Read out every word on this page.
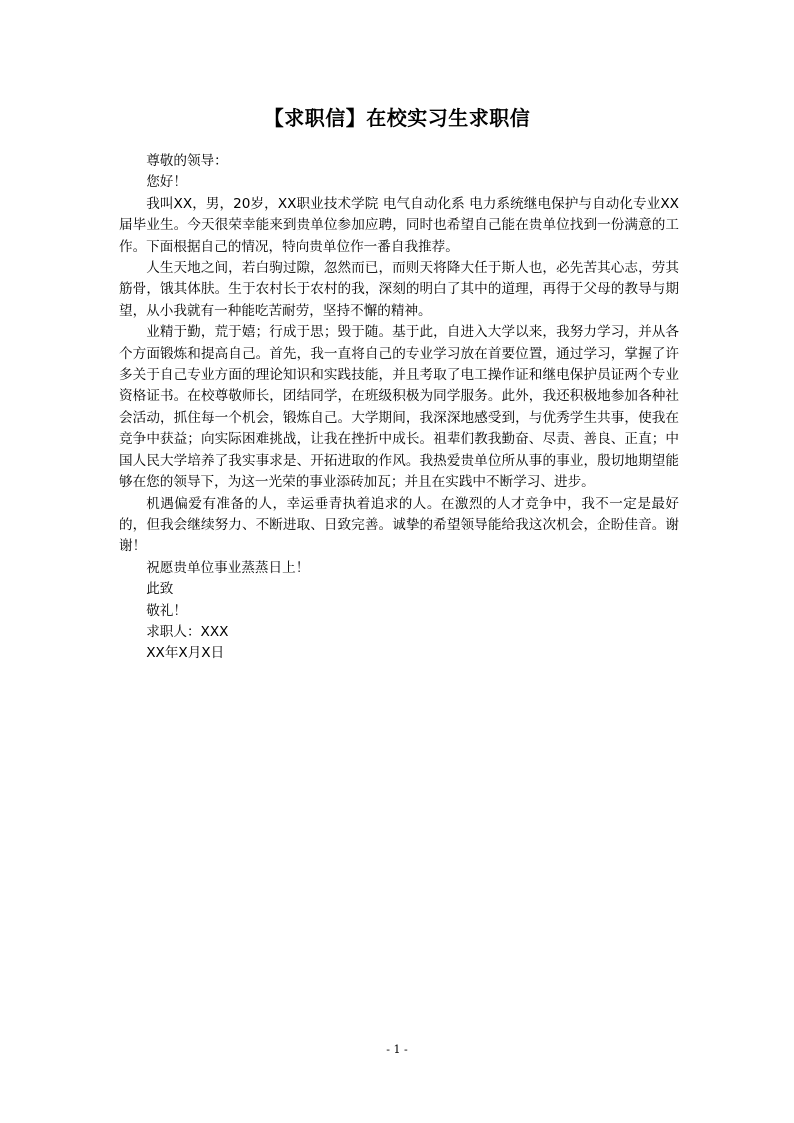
【求职信】在校实习生求职信

尊敬的领导：

您好！

我叫XX，男，20岁，XX职业技术学院 电气自动化系 电力系统继电保护与自动化专业XX届毕业生。今天很荣幸能来到贵单位参加应聘，同时也希望自己能在贵单位找到一份满意的工作。下面根据自己的情况，特向贵单位作一番自我推荐。

人生天地之间，若白驹过隙，忽然而已，而则天将降大任于斯人也，必先苦其心志，劳其筋骨，饿其体肤。生于农村长于农村的我，深刻的明白了其中的道理，再得于父母的教导与期望，从小我就有一种能吃苦耐劳，坚持不懈的精神。

业精于勤，荒于嬉；行成于思；毁于随。基于此，自进入大学以来，我努力学习，并从各个方面锻炼和提高自己。首先，我一直将自己的专业学习放在首要位置，通过学习，掌握了许多关于自己专业方面的理论知识和实践技能，并且考取了电工操作证和继电保护员证两个专业资格证书。在校尊敬师长，团结同学，在班级积极为同学服务。此外，我还积极地参加各种社会活动，抓住每一个机会，锻炼自己。大学期间，我深深地感受到，与优秀学生共事，使我在竞争中获益；向实际困难挑战，让我在挫折中成长。祖辈们教我勤奋、尽责、善良、正直；中国人民大学培养了我实事求是、开拓进取的作风。我热爱贵单位所从事的事业，殷切地期望能够在您的领导下，为这一光荣的事业添砖加瓦；并且在实践中不断学习、进步。

机遇偏爱有准备的人，幸运垂青执着追求的人。在激烈的人才竞争中，我不一定是最好的，但我会继续努力、不断进取、日致完善。诚挚的希望领导能给我这次机会，企盼佳音。谢谢！

祝愿贵单位事业蒸蒸日上！

此致

敬礼！

求职人：XXX

XX年X月X日

- 1 -
